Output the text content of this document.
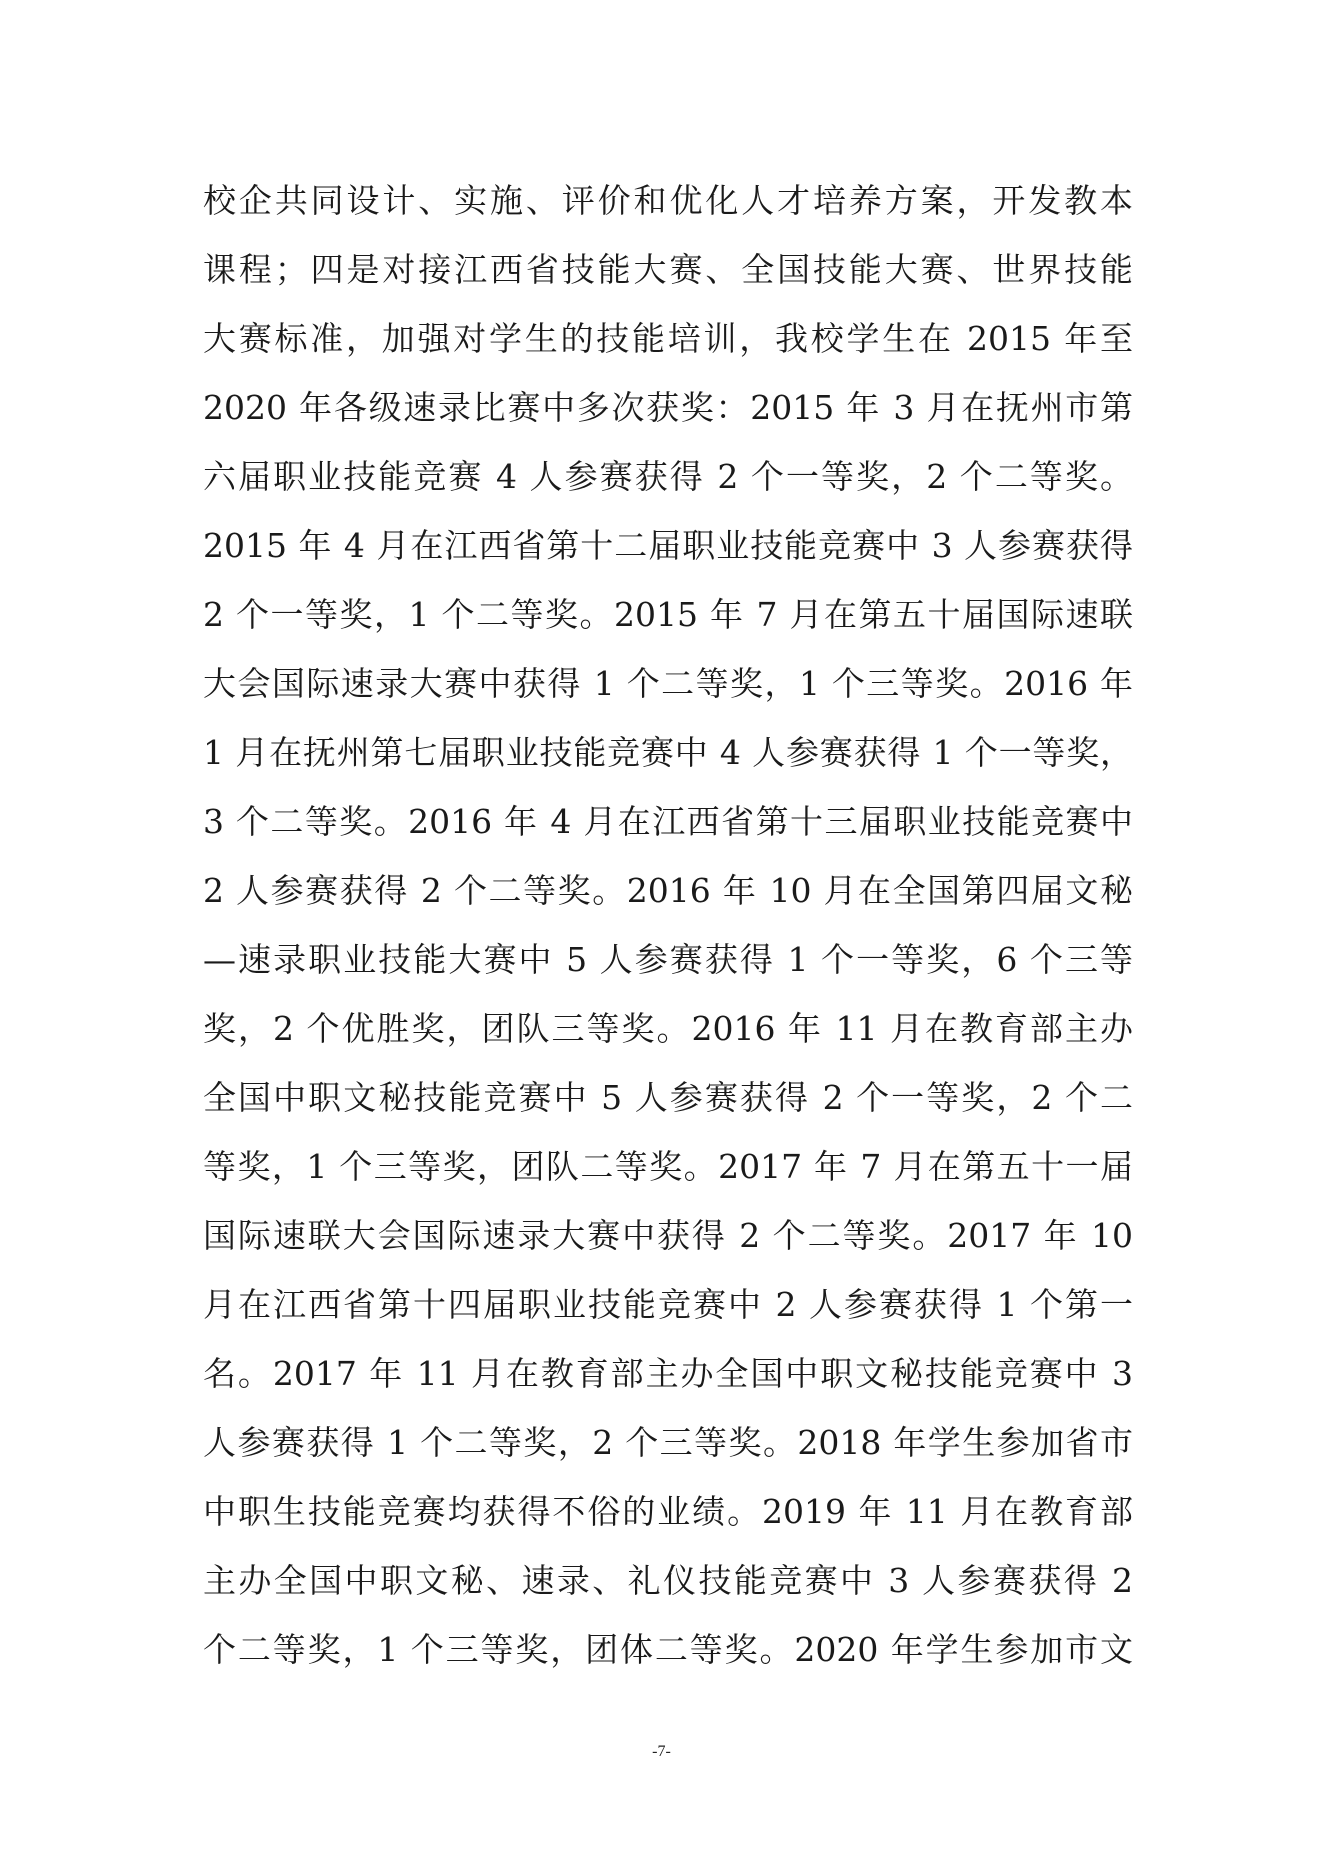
校企共同设计、实施、评价和优化人才培养方案，开发教本
课程；四是对接江西省技能大赛、全国技能大赛、世界技能
大赛标准，加强对学生的技能培训，我校学生在 2015 年至
2020 年各级速录比赛中多次获奖：2015 年 3 月在抚州市第
六届职业技能竞赛 4 人参赛获得 2 个一等奖，2 个二等奖。
2015 年 4 月在江西省第十二届职业技能竞赛中 3 人参赛获得
2 个一等奖，1 个二等奖。2015 年 7 月在第五十届国际速联
大会国际速录大赛中获得 1 个二等奖，1 个三等奖。2016 年
1 月在抚州第七届职业技能竞赛中 4 人参赛获得 1 个一等奖，
3 个二等奖。2016 年 4 月在江西省第十三届职业技能竞赛中
2 人参赛获得 2 个二等奖。2016 年 10 月在全国第四届文秘
—速录职业技能大赛中 5 人参赛获得 1 个一等奖，6 个三等
奖，2 个优胜奖，团队三等奖。2016 年 11 月在教育部主办
全国中职文秘技能竞赛中 5 人参赛获得 2 个一等奖，2 个二
等奖，1 个三等奖，团队二等奖。2017 年 7 月在第五十一届
国际速联大会国际速录大赛中获得 2 个二等奖。2017 年 10
月在江西省第十四届职业技能竞赛中 2 人参赛获得 1 个第一
名。2017 年 11 月在教育部主办全国中职文秘技能竞赛中 3
人参赛获得 1 个二等奖，2 个三等奖。2018 年学生参加省市
中职生技能竞赛均获得不俗的业绩。2019 年 11 月在教育部
主办全国中职文秘、速录、礼仪技能竞赛中 3 人参赛获得 2
个二等奖，1 个三等奖，团体二等奖。2020 年学生参加市文
-7-
